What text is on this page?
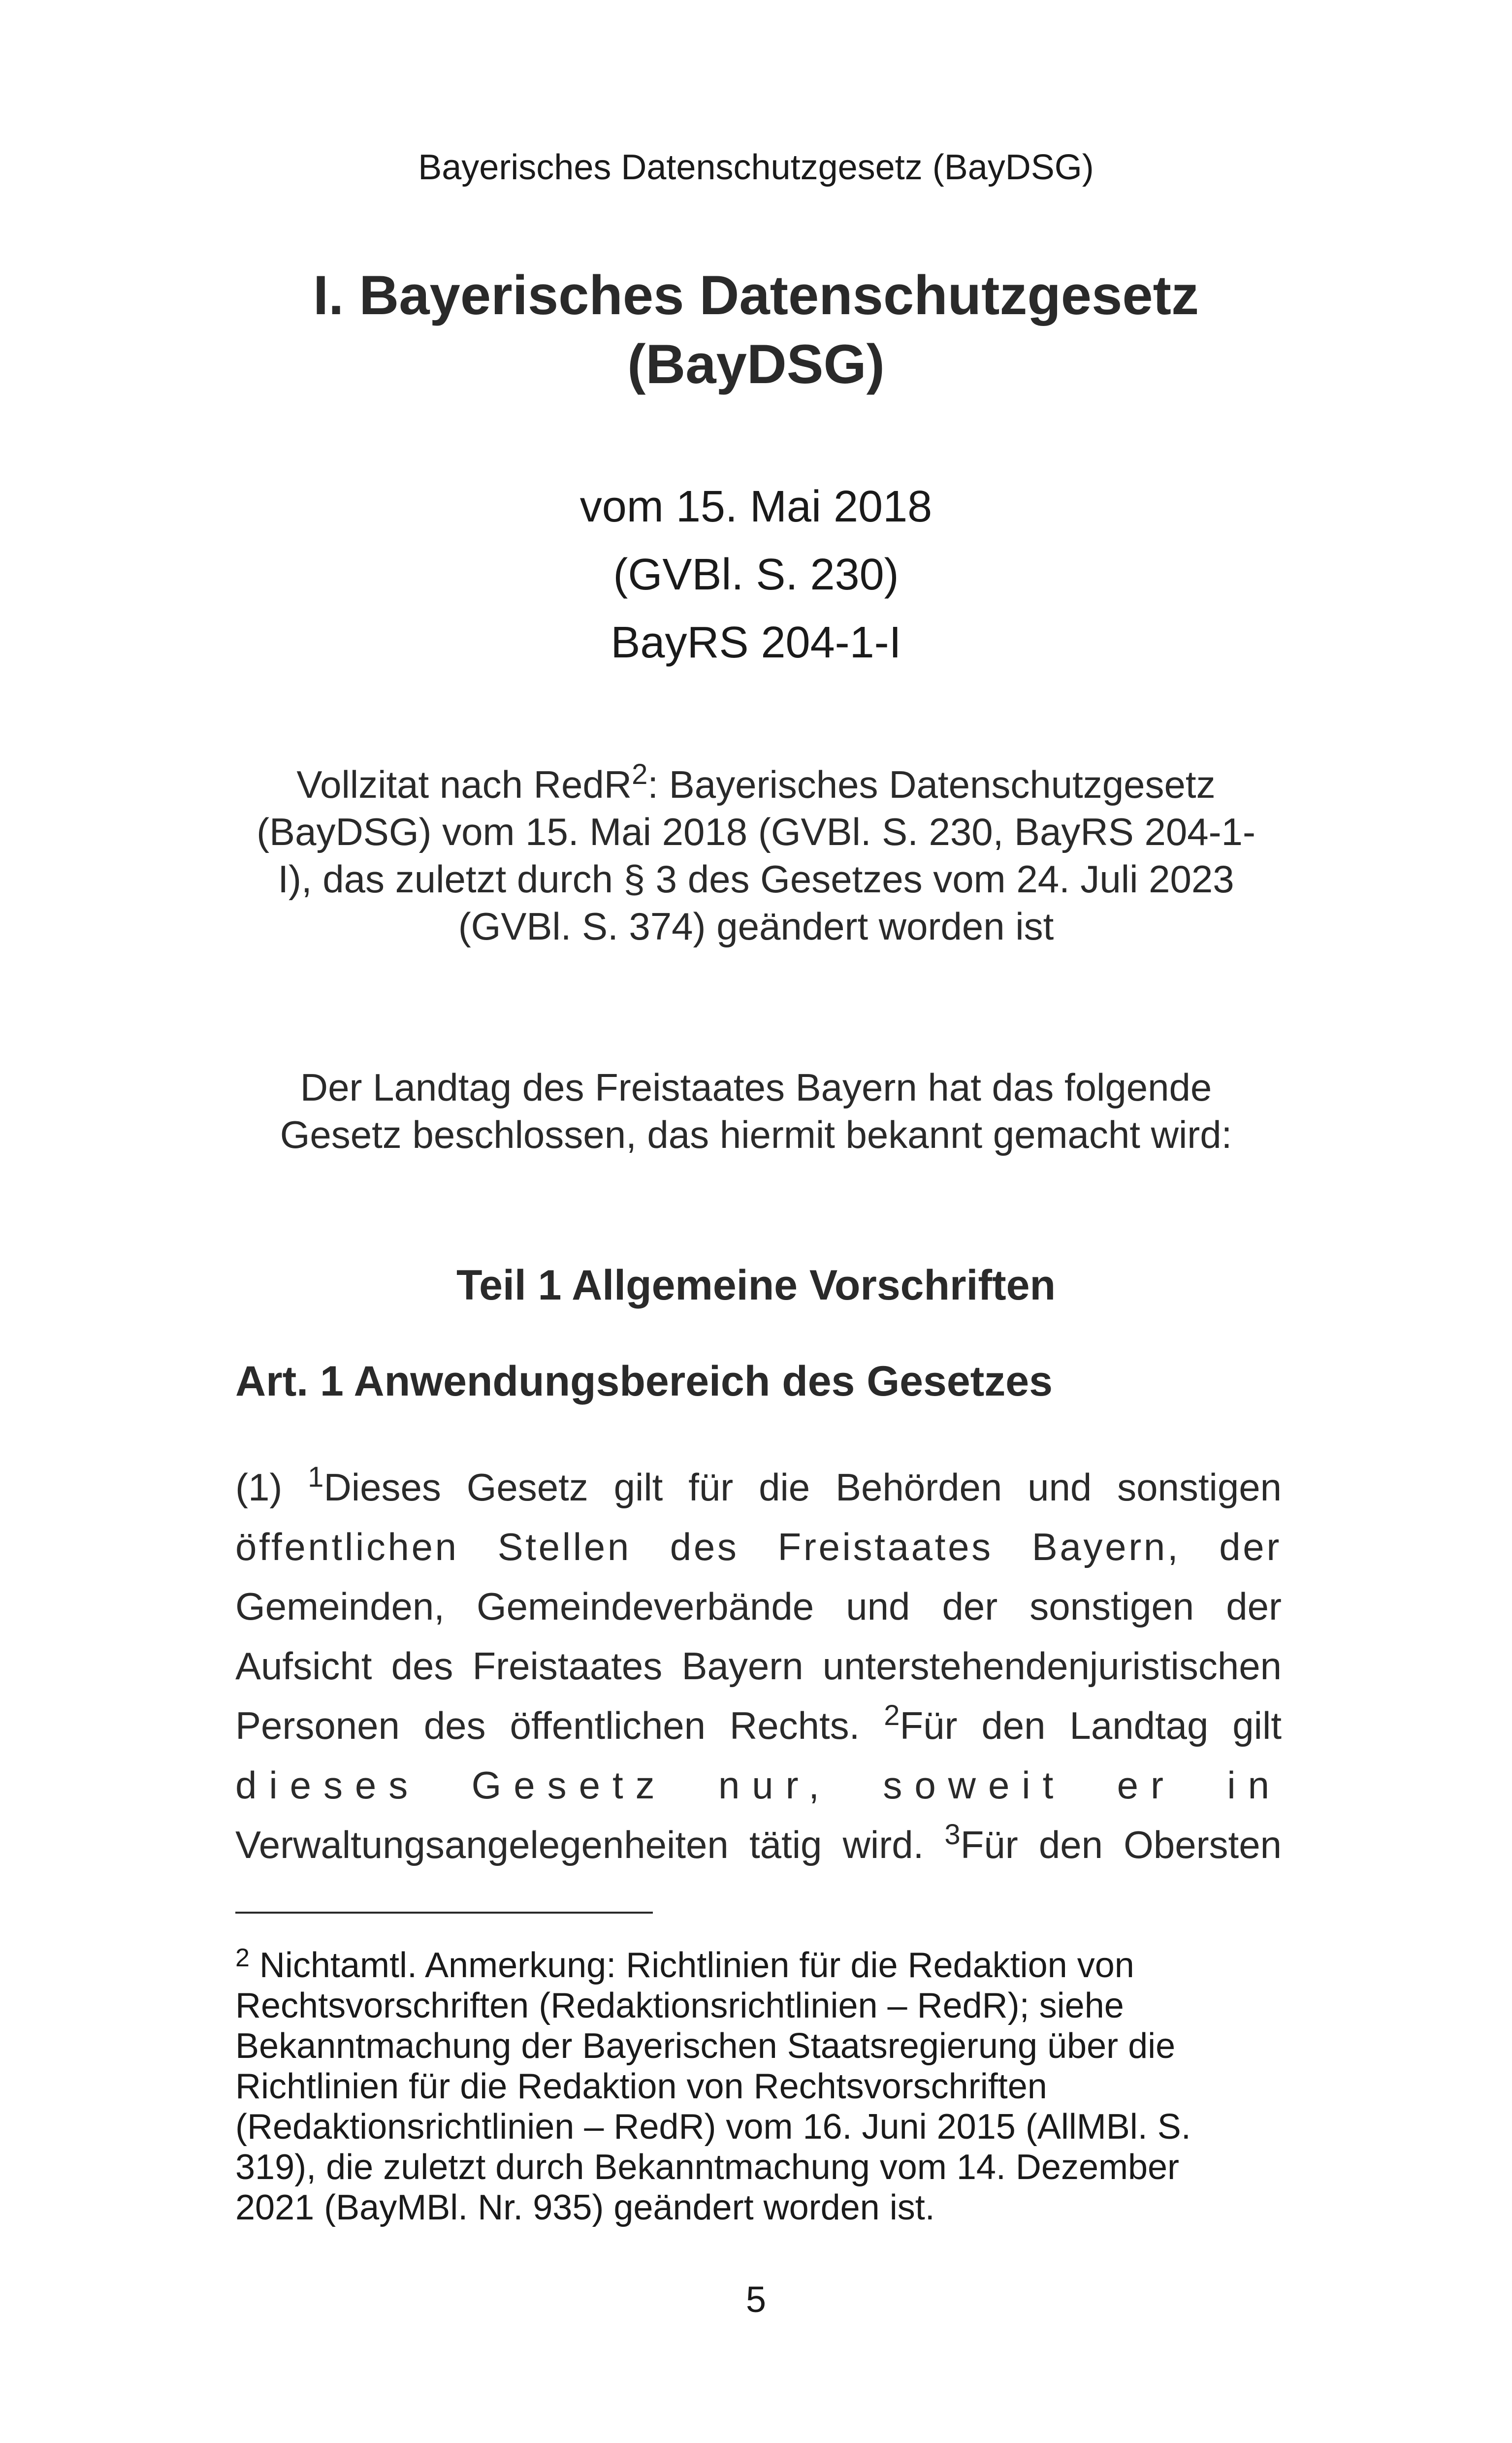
Bayerisches Datenschutzgesetz (BayDSG)
I. Bayerisches Datenschutzgesetz
(BayDSG)
vom 15. Mai 2018
(GVBl. S. 230)
BayRS 204-1-I
Vollzitat nach RedR$^2$: Bayerisches Datenschutzgesetz
(BayDSG) vom 15. Mai 2018 (GVBl. S. 230, BayRS 204-1-
I), das zuletzt durch § 3 des Gesetzes vom 24. Juli 2023
(GVBl. S. 374) geändert worden ist
Der Landtag des Freistaates Bayern hat das folgende
Gesetz beschlossen, das hiermit bekannt gemacht wird:
Teil 1 Allgemeine Vorschriften
Art. 1 Anwendungsbereich des Gesetzes
(1) $^1$Dieses Gesetz gilt für die Behörden und sonstigen
öffentlichen Stellen des Freistaates Bayern, der
Gemeinden, Gemeindeverbände und der sonstigen der
Aufsicht des Freistaates Bayern unterstehendenjuristischen
Personen des öffentlichen Rechts. $^2$Für den Landtag gilt
dieses Gesetz nur, soweit er in
Verwaltungsangelegenheiten tätig wird. $^3$Für den Obersten
$^2$ Nichtamtl. Anmerkung: Richtlinien für die Redaktion von
Rechtsvorschriften (Redaktionsrichtlinien – RedR); siehe
Bekanntmachung der Bayerischen Staatsregierung über die
Richtlinien für die Redaktion von Rechtsvorschriften
(Redaktionsrichtlinien – RedR) vom 16. Juni 2015 (AllMBl. S.
319), die zuletzt durch Bekanntmachung vom 14. Dezember
2021 (BayMBl. Nr. 935) geändert worden ist.
5
